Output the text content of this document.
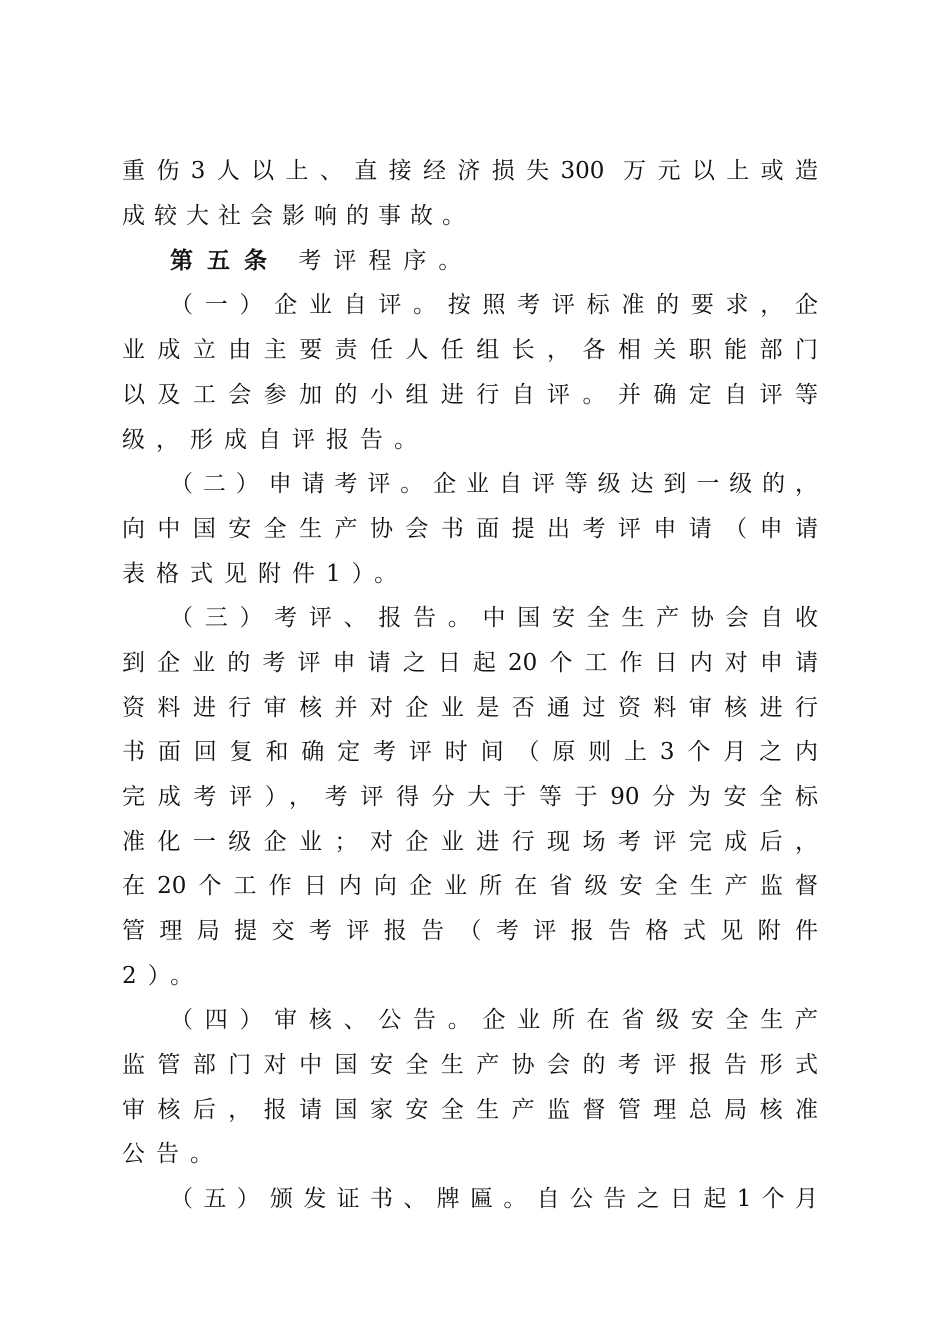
重伤3人以上、直接经济损失300 万元以上或造
成较大社会影响的事故。
第五条 考评程序。
（一）企业自评。按照考评标准的要求，企
业成立由主要责任人任组长，各相关职能部门
以及工会参加的小组进行自评。并确定自评等
级，形成自评报告。
（二）申请考评。企业自评等级达到一级的，
向中国安全生产协会书面提出考评申请（申请
表格式见附件1）。
（三）考评、报告。中国安全生产协会自收
到企业的考评申请之日起20个工作日内对申请
资料进行审核并对企业是否通过资料审核进行
书面回复和确定考评时间（原则上3个月之内
完成考评），考评得分大于等于90分为安全标
准化一级企业；对企业进行现场考评完成后，
在20个工作日内向企业所在省级安全生产监督
管理局提交考评报告（考评报告格式见附件
2）。
（四）审核、公告。企业所在省级安全生产
监管部门对中国安全生产协会的考评报告形式
审核后，报请国家安全生产监督管理总局核准
公告。
（五）颁发证书、牌匾。自公告之日起1个月
